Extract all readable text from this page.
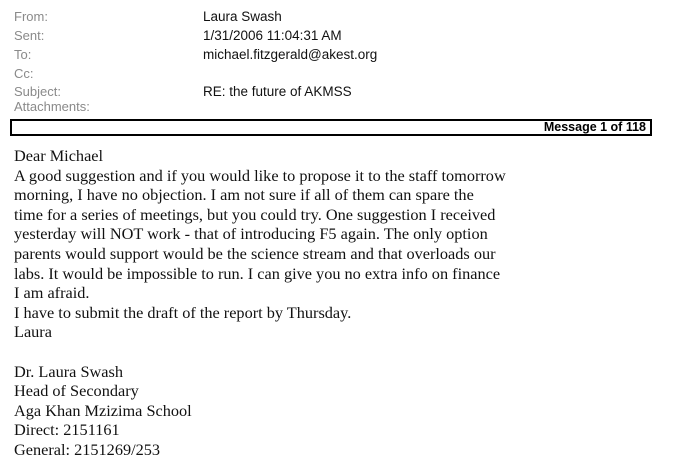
From:	Laura Swash
Sent:	1/31/2006 11:04:31 AM
To:	michael.fitzgerald@akest.org
Cc:
Subject:	RE: the future of AKMSS
Attachments:
Message 1 of 118
Dear Michael
A good suggestion and if you would like to propose it to the staff tomorrow
morning, I have no objection. I am not sure if all of them can spare the
time for a series of meetings, but you could try. One suggestion I received
yesterday will NOT work - that of introducing F5 again. The only option
parents would support would be the science stream and that overloads our
labs. It would be impossible to run. I can give you no extra info on finance
I am afraid.
I have to submit the draft of the report by Thursday.
Laura
Dr. Laura Swash
Head of Secondary
Aga Khan Mzizima School
Direct: 2151161
General: 2151269/253
